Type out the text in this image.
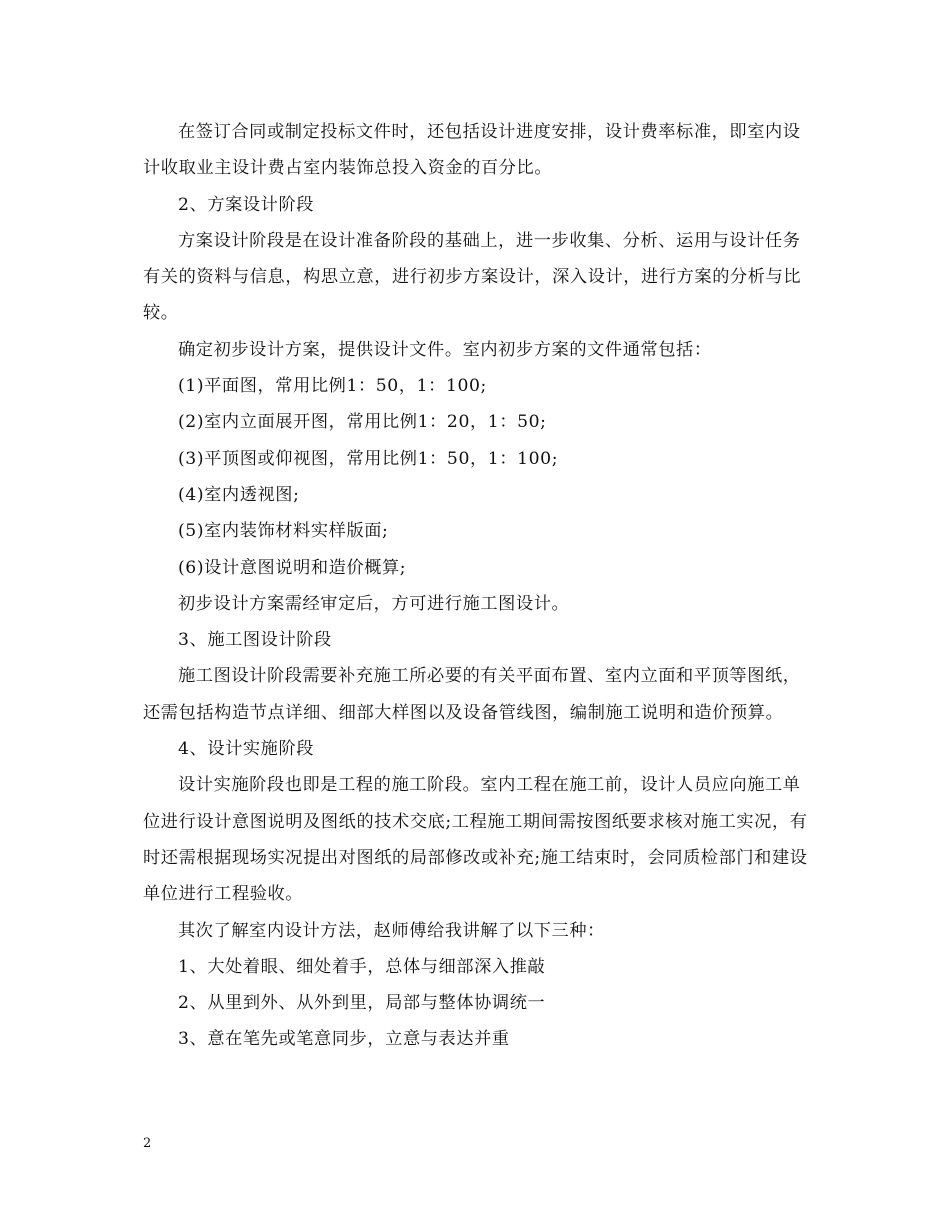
在签订合同或制定投标文件时，还包括设计进度安排，设计费率标准，即室内设计收取业主设计费占室内装饰总投入资金的百分比。

2、方案设计阶段

方案设计阶段是在设计准备阶段的基础上，进一步收集、分析、运用与设计任务有关的资料与信息，构思立意，进行初步方案设计，深入设计，进行方案的分析与比较。

确定初步设计方案，提供设计文件。室内初步方案的文件通常包括：

(1)平面图，常用比例1：50，1：100;

(2)室内立面展开图，常用比例1：20，1：50;

(3)平顶图或仰视图，常用比例1：50，1：100;

(4)室内透视图;

(5)室内装饰材料实样版面;

(6)设计意图说明和造价概算;

初步设计方案需经审定后，方可进行施工图设计。

3、施工图设计阶段

施工图设计阶段需要补充施工所必要的有关平面布置、室内立面和平顶等图纸，还需包括构造节点详细、细部大样图以及设备管线图，编制施工说明和造价预算。

4、设计实施阶段

设计实施阶段也即是工程的施工阶段。室内工程在施工前，设计人员应向施工单位进行设计意图说明及图纸的技术交底;工程施工期间需按图纸要求核对施工实况，有时还需根据现场实况提出对图纸的局部修改或补充;施工结束时，会同质检部门和建设单位进行工程验收。

其次了解室内设计方法，赵师傅给我讲解了以下三种：

1、大处着眼、细处着手，总体与细部深入推敲

2、从里到外、从外到里，局部与整体协调统一

3、意在笔先或笔意同步，立意与表达并重

2
